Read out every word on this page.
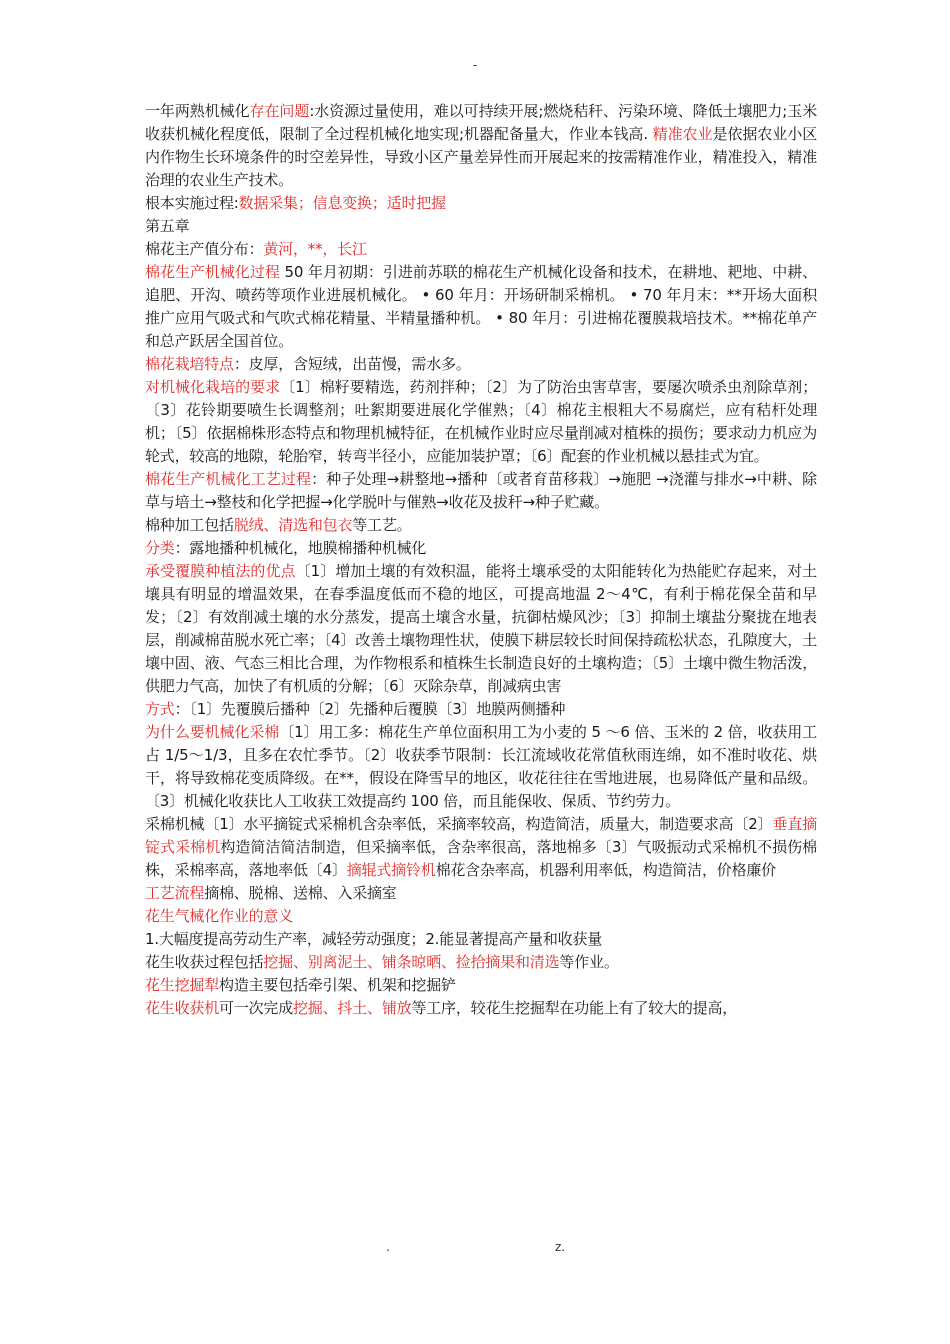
-

一年两熟机械化存在问题:水资源过量使用，难以可持续开展;燃烧秸秆、污染环境、降低土壤肥力;玉米收获机械化程度低，限制了全过程机械化地实现;机器配备量大，作业本钱高. 精准农业是依据农业小区内作物生长环境条件的时空差异性，导致小区产量差异性而开展起来的按需精准作业，精准投入，精准治理的农业生产技术。

根本实施过程:数据采集；信息变换；适时把握

第五章

棉花主产值分布：黄河，**，长江

棉花生产机械化过程 50 年月初期：引进前苏联的棉花生产机械化设备和技术，在耕地、耙地、中耕、追肥、开沟、喷药等项作业进展机械化。 • 60 年月：开场研制采棉机。 • 70 年月末：**开场大面积推广应用气吸式和气吹式棉花精量、半精量播种机。 • 80 年月：引进棉花覆膜栽培技术。**棉花单产和总产跃居全国首位。

棉花栽培特点：皮厚，含短绒，出苗慢，需水多。

对机械化栽培的要求〔1〕棉籽要精选，药剂拌种；〔2〕为了防治虫害草害，要屡次喷杀虫剂除草剂；〔3〕花铃期要喷生长调整剂；吐絮期要进展化学催熟；〔4〕棉花主根粗大不易腐烂，应有秸杆处理机；〔5〕依据棉株形态特点和物理机械特征，在机械作业时应尽量削减对植株的损伤；要求动力机应为轮式，较高的地隙，轮胎窄，转弯半径小，应能加装护罩；〔6〕配套的作业机械以悬挂式为宜。

棉花生产机械化工艺过程：种子处理→耕整地→播种〔或者育苗移栽〕→施肥 →浇灌与排水→中耕、除草与培土→整枝和化学把握→化学脱叶与催熟→收花及拔秆→种子贮藏。

棉种加工包括脱绒、清选和包衣等工艺。

分类：露地播种机械化，地膜棉播种机械化

承受覆膜种植法的优点〔1〕增加土壤的有效积温，能将土壤承受的太阳能转化为热能贮存起来，对土壤具有明显的增温效果，在春季温度低而不稳的地区，可提高地温 2～4℃，有利于棉花保全苗和早发；〔2〕有效削减土壤的水分蒸发，提高土壤含水量，抗御枯燥风沙；〔3〕抑制土壤盐分聚拢在地表层，削减棉苗脱水死亡率；〔4〕改善土壤物理性状，使膜下耕层较长时间保持疏松状态，孔隙度大，土壤中固、液、气态三相比合理，为作物根系和植株生长制造良好的土壤构造；〔5〕土壤中微生物活泼，供肥力气高，加快了有机质的分解；〔6〕灭除杂草，削减病虫害

方式：〔1〕先覆膜后播种〔2〕先播种后覆膜〔3〕地膜两侧播种

为什么要机械化采棉〔1〕用工多：棉花生产单位面积用工为小麦的 5 ～6 倍、玉米的 2 倍，收获用工占 1/5～1/3，且多在农忙季节。〔2〕收获季节限制：长江流域收花常值秋雨连绵，如不准时收花、烘干，将导致棉花变质降级。在**，假设在降雪早的地区，收花往往在雪地进展，也易降低产量和品级。〔3〕机械化收获比人工收获工效提高约 100 倍，而且能保收、保质、节约劳力。

采棉机械〔1〕水平摘锭式采棉机含杂率低，采摘率较高，构造简洁，质量大，制造要求高〔2〕垂直摘锭式采棉机构造简洁简洁制造，但采摘率低，含杂率很高，落地棉多〔3〕气吸振动式采棉机不损伤棉株，采棉率高，落地率低〔4〕摘辊式摘铃机棉花含杂率高，机器利用率低，构造简洁，价格廉价

工艺流程摘棉、脱棉、送棉、入采摘室

花生气械化作业的意义

1.大幅度提高劳动生产率，减轻劳动强度；2.能显著提高产量和收获量

花生收获过程包括挖掘、别离泥土、铺条晾晒、捡拾摘果和清选等作业。

花生挖掘犁构造主要包括牵引架、机架和挖掘铲

花生收获机可一次完成挖掘、抖土、铺放等工序，较花生挖掘犁在功能上有了较大的提高，

.	z.
